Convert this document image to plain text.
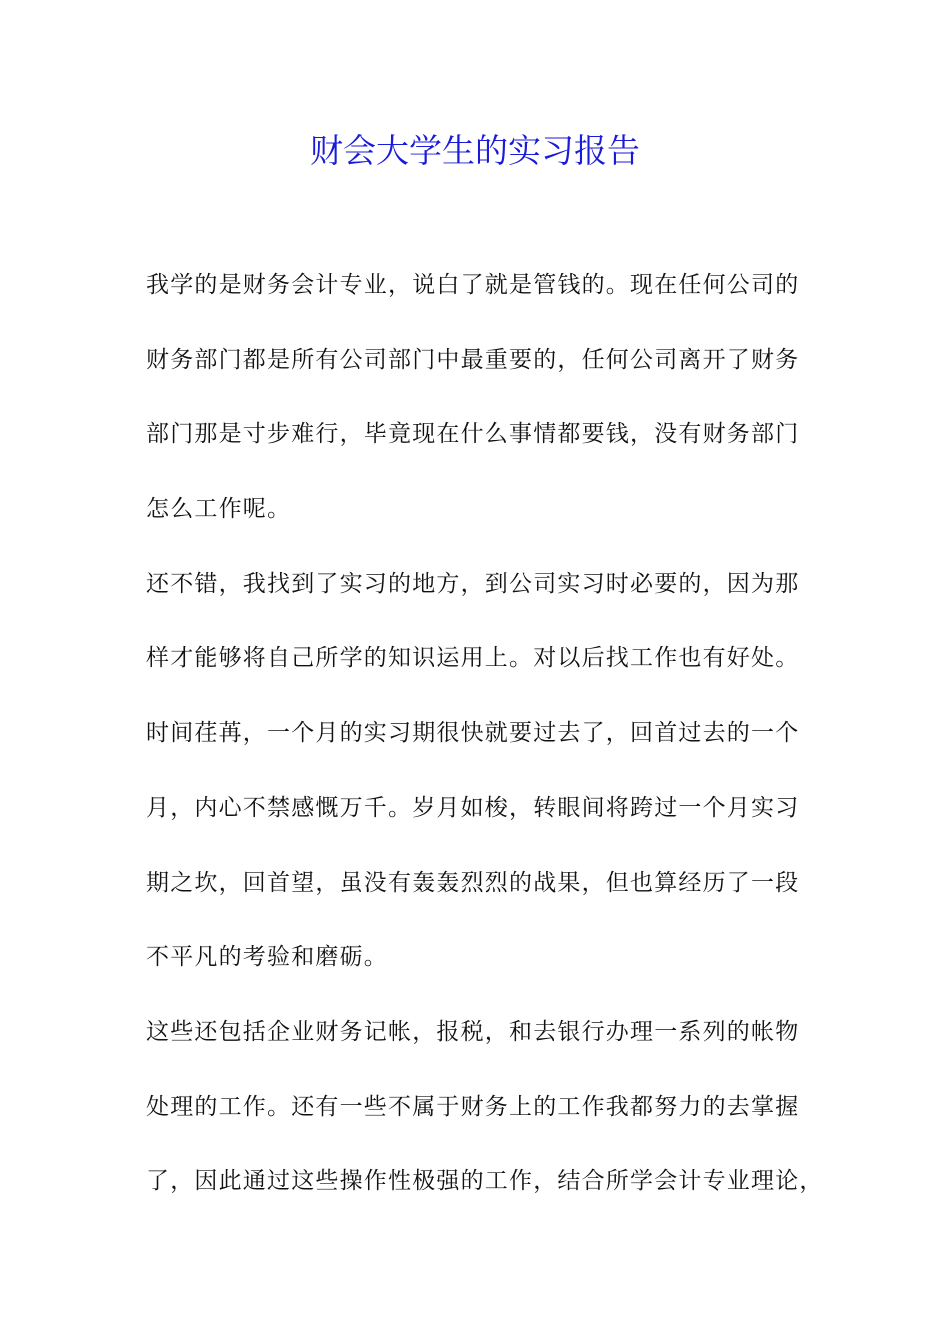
财会大学生的实习报告
我学的是财务会计专业，说白了就是管钱的。现在任何公司的
财务部门都是所有公司部门中最重要的，任何公司离开了财务
部门那是寸步难行，毕竟现在什么事情都要钱，没有财务部门
怎么工作呢。
还不错，我找到了实习的地方，到公司实习时必要的，因为那
样才能够将自己所学的知识运用上。对以后找工作也有好处。
时间荏苒，一个月的实习期很快就要过去了，回首过去的一个
月，内心不禁感慨万千。岁月如梭，转眼间将跨过一个月实习
期之坎，回首望，虽没有轰轰烈烈的战果，但也算经历了一段
不平凡的考验和磨砺。
这些还包括企业财务记帐，报税，和去银行办理一系列的帐物
处理的工作。还有一些不属于财务上的工作我都努力的去掌握
了，因此通过这些操作性极强的工作，结合所学会计专业理论，
